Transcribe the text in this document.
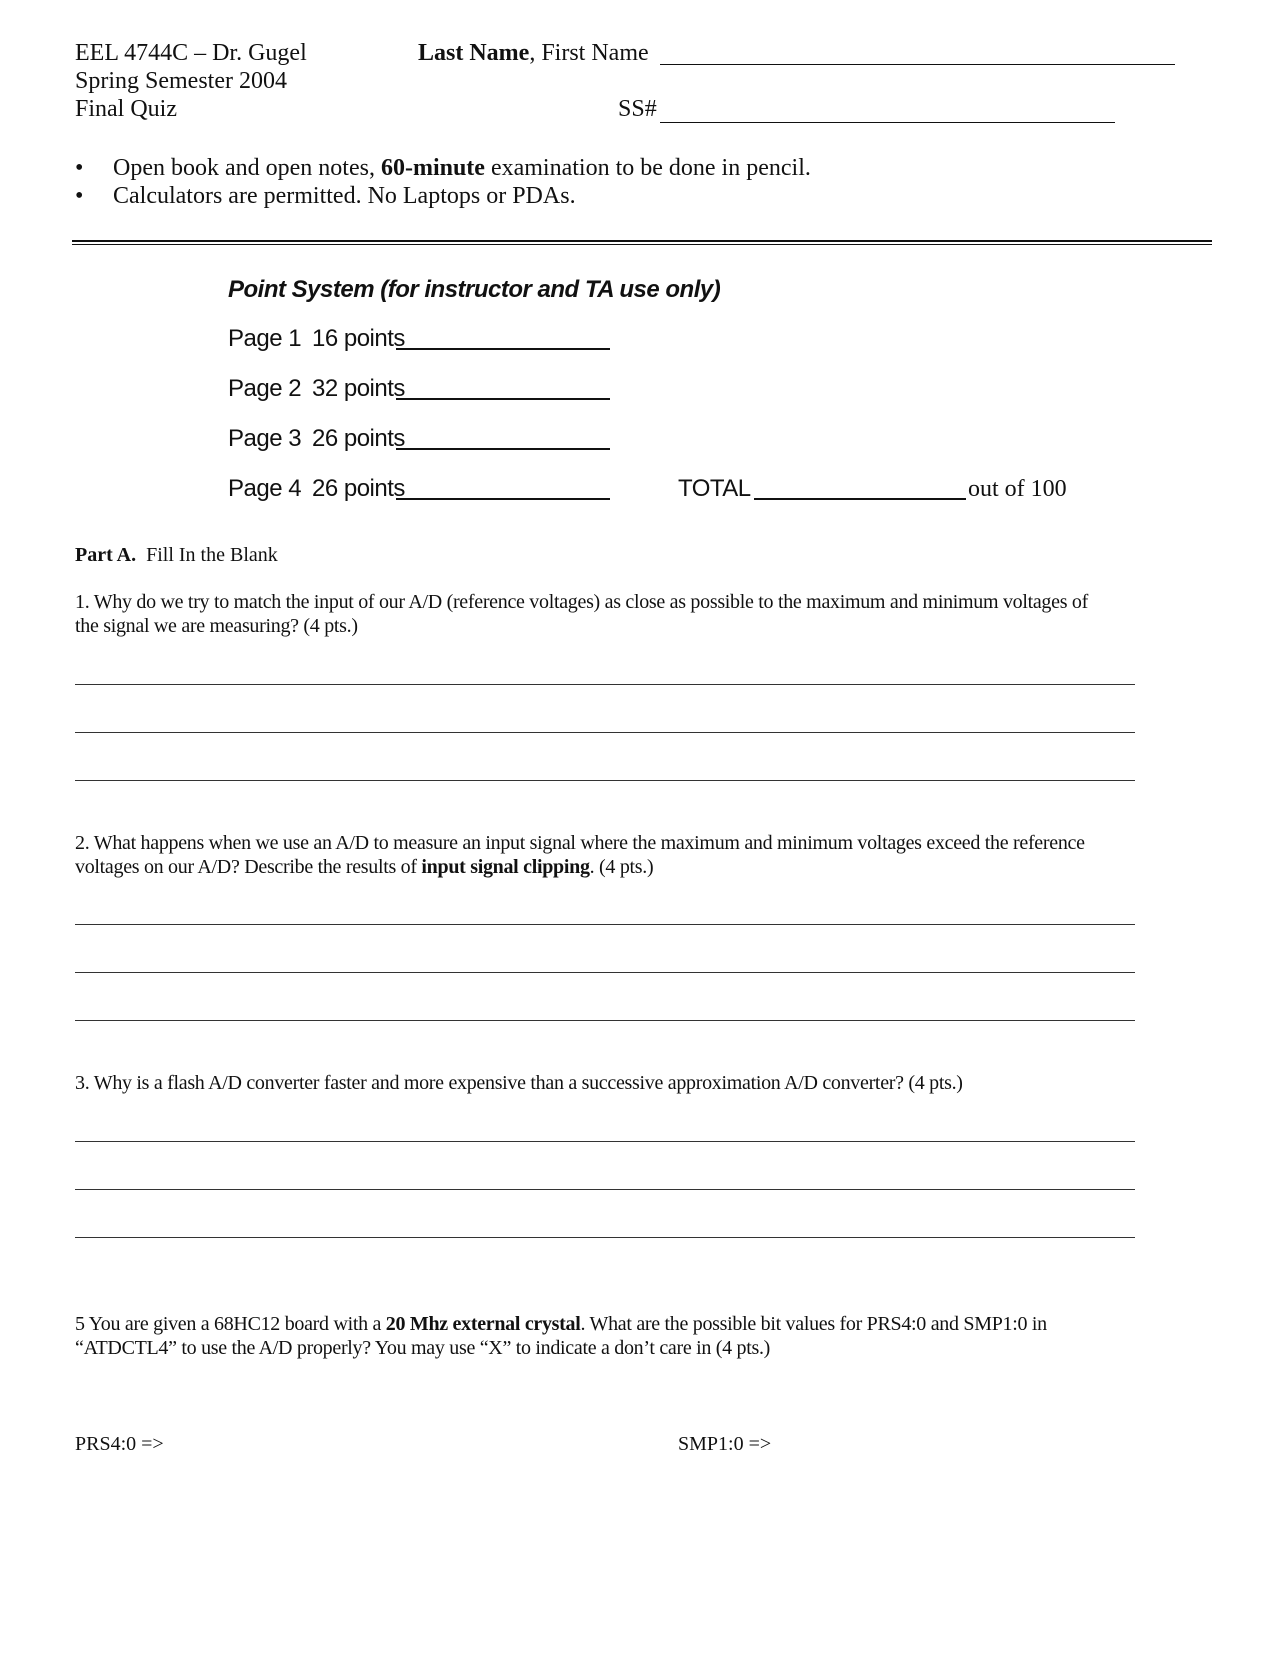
EEL 4744C – Dr. Gugel
Spring Semester 2004
Final Quiz
Last Name, First Name
SS#
• Open book and open notes, 60-minute examination to be done in pencil.
• Calculators are permitted. No Laptops or PDAs.
Point System (for instructor and TA use only)
Page 1 16 points
Page 2 32 points
Page 3 26 points
Page 4 26 points	TOTAL	out of 100
Part A. Fill In the Blank
1. Why do we try to match the input of our A/D (reference voltages) as close as possible to the maximum and minimum voltages of
the signal we are measuring? (4 pts.)
2. What happens when we use an A/D to measure an input signal where the maximum and minimum voltages exceed the reference
voltages on our A/D? Describe the results of input signal clipping. (4 pts.)
3. Why is a flash A/D converter faster and more expensive than a successive approximation A/D converter? (4 pts.)
5 You are given a 68HC12 board with a 20 Mhz external crystal. What are the possible bit values for PRS4:0 and SMP1:0 in
“ATDCTL4” to use the A/D properly? You may use “X” to indicate a don’t care in (4 pts.)
PRS4:0 =>	SMP1:0 =>
